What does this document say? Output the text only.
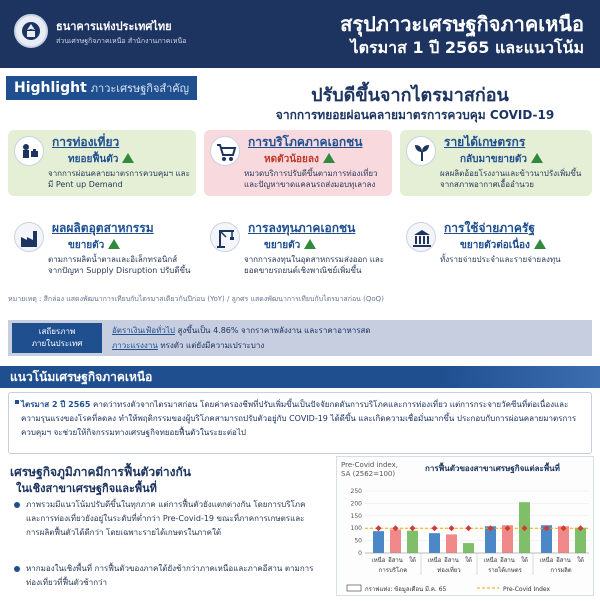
ธนาคารแห่งประเทศไทย
ส่วนเศรษฐกิจภาคเหนือ สำนักงานภาคเหนือ
สรุปภาวะเศรษฐกิจภาคเหนือ
ไตรมาส 1 ปี 2565 และแนวโน้ม
Highlight ภาวะเศรษฐกิจสำคัญ	ปรับดีขึ้นจากไตรมาสก่อน
จากการทยอยผ่อนคลายมาตรการควบคุม COVID-19
การท่องเที่ยว
ทยอยฟื้นตัว
จากการผ่อนคลายมาตรการควบคุมฯ และมี Pent up Demand
การบริโภคภาคเอกชน
หดตัวน้อยลง
หมวดบริการปรับดีขึ้นตามการท่องเที่ยว และปัญหาขาดแคลนรถส่งมอบทุเลาลง
รายได้เกษตรกร
กลับมาขยายตัว
ผลผลิตอ้อยโรงงานและข้าวนาปรังเพิ่มขึ้น จากสภาพอากาศเอื้ออำนวย
ผลผลิตอุตสาหกรรม
ขยายตัว
ตามการผลิตน้ำตาลและอิเล็กทรอนิกส์ จากปัญหา Supply Disruption ปรับดีขึ้น
การลงทุนภาคเอกชน
ขยายตัว
จากการลงทุนในอุตสาหกรรมส่งออก และยอดขายรถยนต์เชิงพาณิชย์เพิ่มขึ้น
การใช้จ่ายภาครัฐ
ขยายตัวต่อเนื่อง
ทั้งรายจ่ายประจำและรายจ่ายลงทุน
หมายเหตุ : สีกล่อง แสดงพัฒนาการเทียบกับไตรมาสเดียวกันปีก่อน (YoY) / ลูกศร แสดงพัฒนาการเทียบกับไตรมาสก่อน (QoQ)
เสถียรภาพ
ภายในประเทศ
อัตราเงินเฟ้อทั่วไป สูงขึ้นเป็น 4.86% จากราคาพลังงาน และราคาอาหารสด
ภาวะแรงงาน ทรงตัว แต่ยังมีความเปราะบาง
แนวโน้มเศรษฐกิจภาคเหนือ
ไตรมาส 2 ปี 2565 คาดว่าทรงตัวจากไตรมาสก่อน โดยค่าครองชีพที่ปรับเพิ่มขึ้นเป็นปัจจัยกดดันการบริโภคและการท่องเที่ยว แต่การกระจายวัคซีนที่ต่อเนื่องและความรุนแรงของโรคที่ลดลง ทำให้พฤติกรรมของผู้บริโภคสามารถปรับตัวอยู่กับ COVID-19 ได้ดีขึ้น และเกิดความเชื่อมั่นมากขึ้น ประกอบกับการผ่อนคลายมาตรการควบคุมฯ จะช่วยให้กิจกรรมทางเศรษฐกิจทยอยฟื้นตัวในระยะต่อไป
เศรษฐกิจภูมิภาคมีการฟื้นตัวต่างกัน
ในเชิงสาขาเศรษฐกิจและพื้นที่
ภาพรวมมีแนวโน้มปรับดีขึ้นในทุกภาค แต่การฟื้นตัวยังแตกต่างกัน โดยการบริโภคและการท่องเที่ยวยังอยู่ในระดับที่ต่ำกว่า Pre-Covid-19 ขณะที่ภาคการเกษตรและการผลิตฟื้นตัวได้ดีกว่า โดยเฉพาะรายได้เกษตรในภาคใต้
หากมองในเชิงพื้นที่ การฟื้นตัวของภาคใต้ยังช้ากว่าภาคเหนือและภาคอีสาน ตามการท่องเที่ยวที่ฟื้นตัวช้ากว่า
Pre-Covid index,
SA (2562=100)
การฟื้นตัวของสาขาเศรษฐกิจแต่ละพื้นที่
0
50
100
150
200
250
เหนือ อีสาน ใต้
การบริโภค
เหนือ อีสาน ใต้
ท่องเที่ยว
เหนือ อีสาน ใต้
รายได้เกษตร
เหนือ อีสาน ใต้
การผลิต
กราฟแท่ง: ข้อมูลเดือน มี.ค. 65	Pre-Covid Index
